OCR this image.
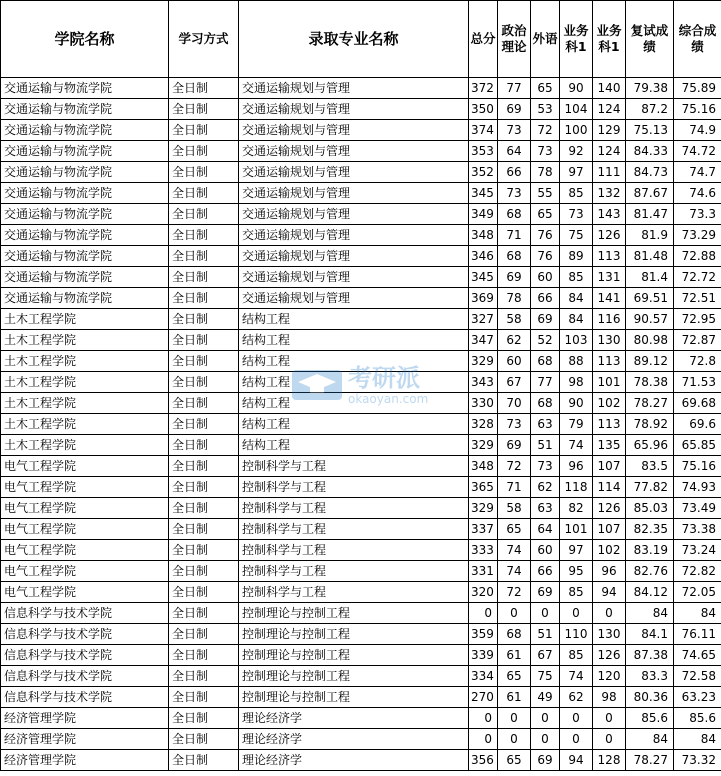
学院名称	学习方式	录取专业名称	总分	政治理论	外语	业务科1	业务科1	复试成绩	综合成绩
交通运输与物流学院	全日制	交通运输规划与管理	372	77	65	90	140	79.38	75.89
交通运输与物流学院	全日制	交通运输规划与管理	350	69	53	104	124	87.2	75.16
交通运输与物流学院	全日制	交通运输规划与管理	374	73	72	100	129	75.13	74.9
交通运输与物流学院	全日制	交通运输规划与管理	353	64	73	92	124	84.33	74.72
交通运输与物流学院	全日制	交通运输规划与管理	352	66	78	97	111	84.73	74.7
交通运输与物流学院	全日制	交通运输规划与管理	345	73	55	85	132	87.67	74.6
交通运输与物流学院	全日制	交通运输规划与管理	349	68	65	73	143	81.47	73.3
交通运输与物流学院	全日制	交通运输规划与管理	348	71	76	75	126	81.9	73.29
交通运输与物流学院	全日制	交通运输规划与管理	346	68	76	89	113	81.48	72.88
交通运输与物流学院	全日制	交通运输规划与管理	345	69	60	85	131	81.4	72.72
交通运输与物流学院	全日制	交通运输规划与管理	369	78	66	84	141	69.51	72.51
土木工程学院	全日制	结构工程	327	58	69	84	116	90.57	72.95
土木工程学院	全日制	结构工程	347	62	52	103	130	80.98	72.87
土木工程学院	全日制	结构工程	329	60	68	88	113	89.12	72.8
土木工程学院	全日制	结构工程	343	67	77	98	101	78.38	71.53
土木工程学院	全日制	结构工程	330	70	68	90	102	78.27	69.68
土木工程学院	全日制	结构工程	328	73	63	79	113	78.92	69.6
土木工程学院	全日制	结构工程	329	69	51	74	135	65.96	65.85
电气工程学院	全日制	控制科学与工程	348	72	73	96	107	83.5	75.16
电气工程学院	全日制	控制科学与工程	365	71	62	118	114	77.82	74.93
电气工程学院	全日制	控制科学与工程	329	58	63	82	126	85.03	73.49
电气工程学院	全日制	控制科学与工程	337	65	64	101	107	82.35	73.38
电气工程学院	全日制	控制科学与工程	333	74	60	97	102	83.19	73.24
电气工程学院	全日制	控制科学与工程	331	74	66	95	96	82.76	72.82
电气工程学院	全日制	控制科学与工程	320	72	69	85	94	84.12	72.05
信息科学与技术学院	全日制	控制理论与控制工程	0	0	0	0	0	84	84
信息科学与技术学院	全日制	控制理论与控制工程	359	68	51	110	130	84.1	76.11
信息科学与技术学院	全日制	控制理论与控制工程	339	61	67	85	126	87.38	74.65
信息科学与技术学院	全日制	控制理论与控制工程	334	65	75	74	120	83.3	72.58
信息科学与技术学院	全日制	控制理论与控制工程	270	61	49	62	98	80.36	63.23
经济管理学院	全日制	理论经济学	0	0	0	0	0	85.6	85.6
经济管理学院	全日制	理论经济学	0	0	0	0	0	84	84
经济管理学院	全日制	理论经济学	356	65	69	94	128	78.27	73.32
考研派
okaoyan.com
